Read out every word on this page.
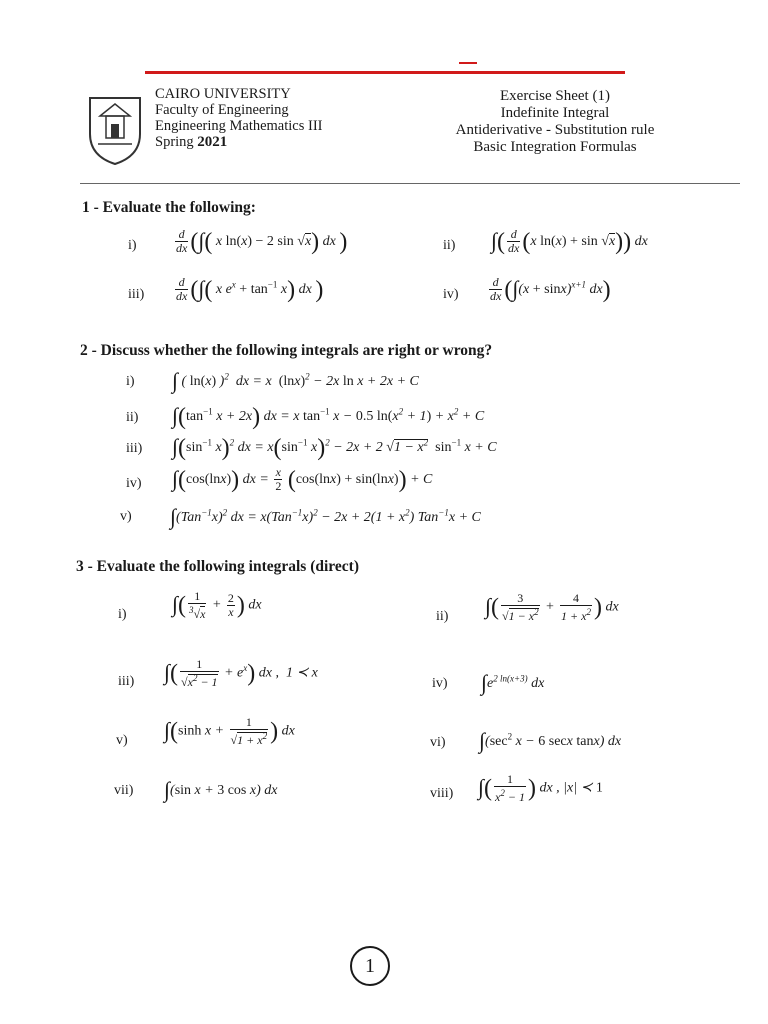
CAIRO UNIVERSITY
Faculty of Engineering
Engineering Mathematics III
Spring 2021
Exercise Sheet (1)
Indefinite Integral
Antiderivative - Substitution rule
Basic Integration Formulas
1 - Evaluate the following:
i)	$\frac{d}{dx}$ (∫( x ln(x) − 2 sin √x) dx )	ii) ∫( $\frac{d}{dx} (x$ ln(x) + sin √x)) dx
iii)	$\frac{d}{dx}$ (∫( x $e^x + \tan^{-1} x$) dx )	iv)	$\frac{d}{dx} (\int(x + \sin x)^{x+1}$ dx)
2 - Discuss whether the following integrals are right or wrong?
i) ∫ ( ln(x) )$^2$  dx = x  $(\ln x)^2 - 2x$ ln x + 2x + C
ii) $\int(\tan^{-1}$ x + 2x) dx = x $\tan^{-1} x - 0.5$ $\ln(x^2 + 1) + x^2 + C$
iii) $\int(\sin^{-1}$ x)$^2$ dx = $x(\sin^{-1}$ x)$^2$ − 2x + 2 $√1 - x^2$ $\sin^{-1} x + C$
iv) ∫(cos(lnx)) dx = $\frac{x}{2} (\cos(\ln x) + \sin(\ln x)) + C$
v) $\int(Tan^{-1}x)^2$ dx = $x(Tan^{-1}x)^2 - 2x + 2(1 + x^2) Tan^{-1}x + C$
3 - Evaluate the following integrals (direct)
i) ∫( $\frac{1}{^3√x} + \frac{2}{x}$ ) dx
ii) ∫( $\frac{3}{√1 - x^2} + \frac{4}{1 + x^2}$ ) dx
iii) ∫( $\frac{1}{√x^2 - 1} + e^x$) dx ,  1 ≺ x
iv) $\int e^{2 ln(x+3)}$ dx
v) ∫(sinh $x + \frac{1}{√1 + x^2}$ ) dx
vi) $\int(\sec^2$ x − 6 secx tanx) dx
vii) ∫(sin x + 3 cos x) dx	viii) ∫( $\frac{1}{x^2 - 1}$ ) dx , |x| ≺ 1
1
